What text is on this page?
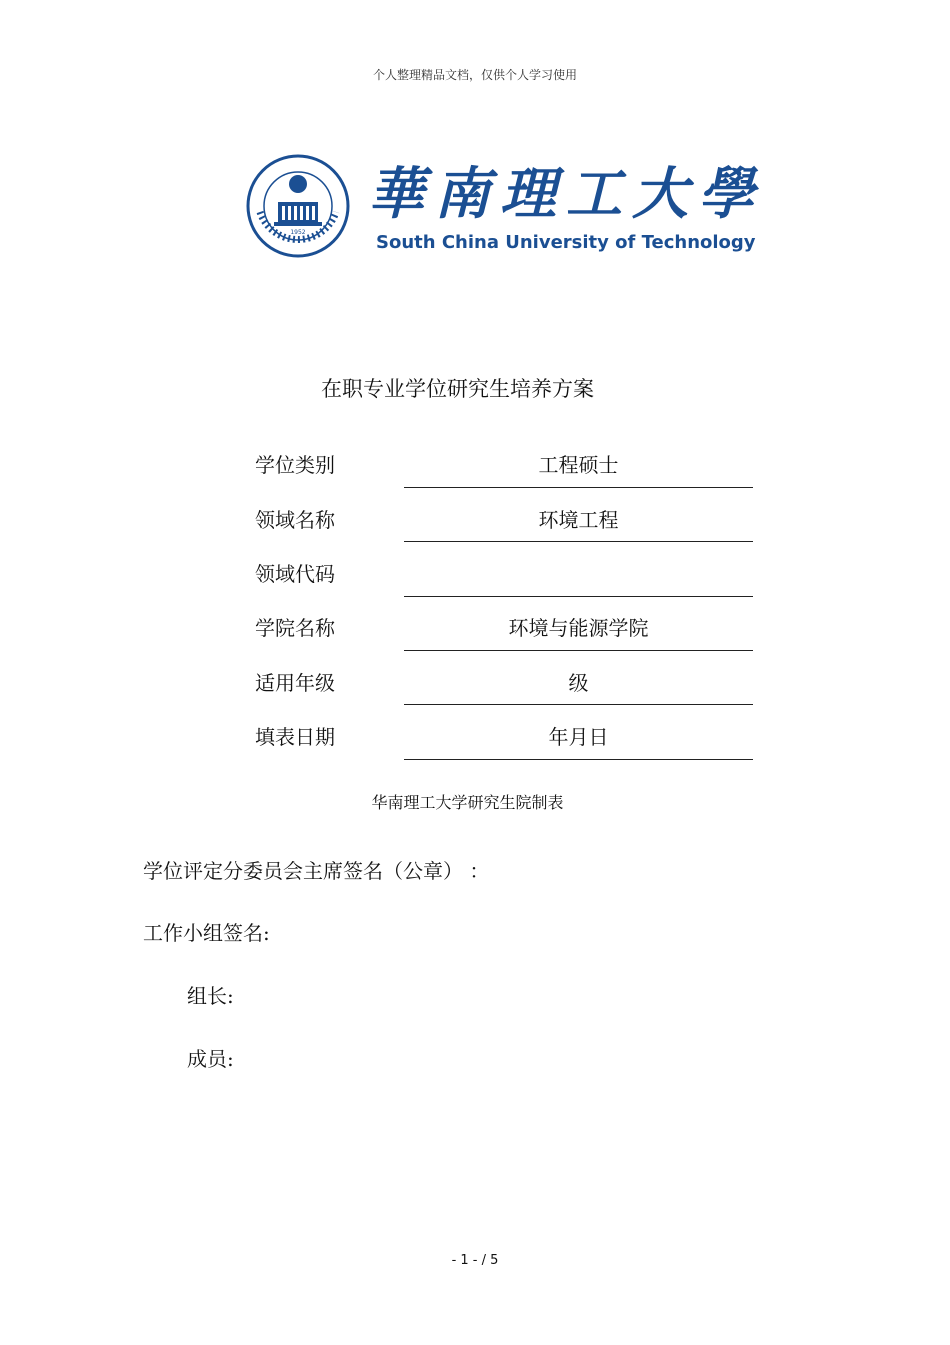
个人整理精品文档，仅供个人学习使用
1952
華南理工大學
South China University of Technology
在职专业学位研究生培养方案
学位类别	工程硕士
领域名称	环境工程
领域代码
学院名称	环境与能源学院
适用年级	级
填表日期	年月日
华南理工大学研究生院制表
学位评定分委员会主席签名（公章） ：
工作小组签名:
组长:
成员:
- 1 - / 5
